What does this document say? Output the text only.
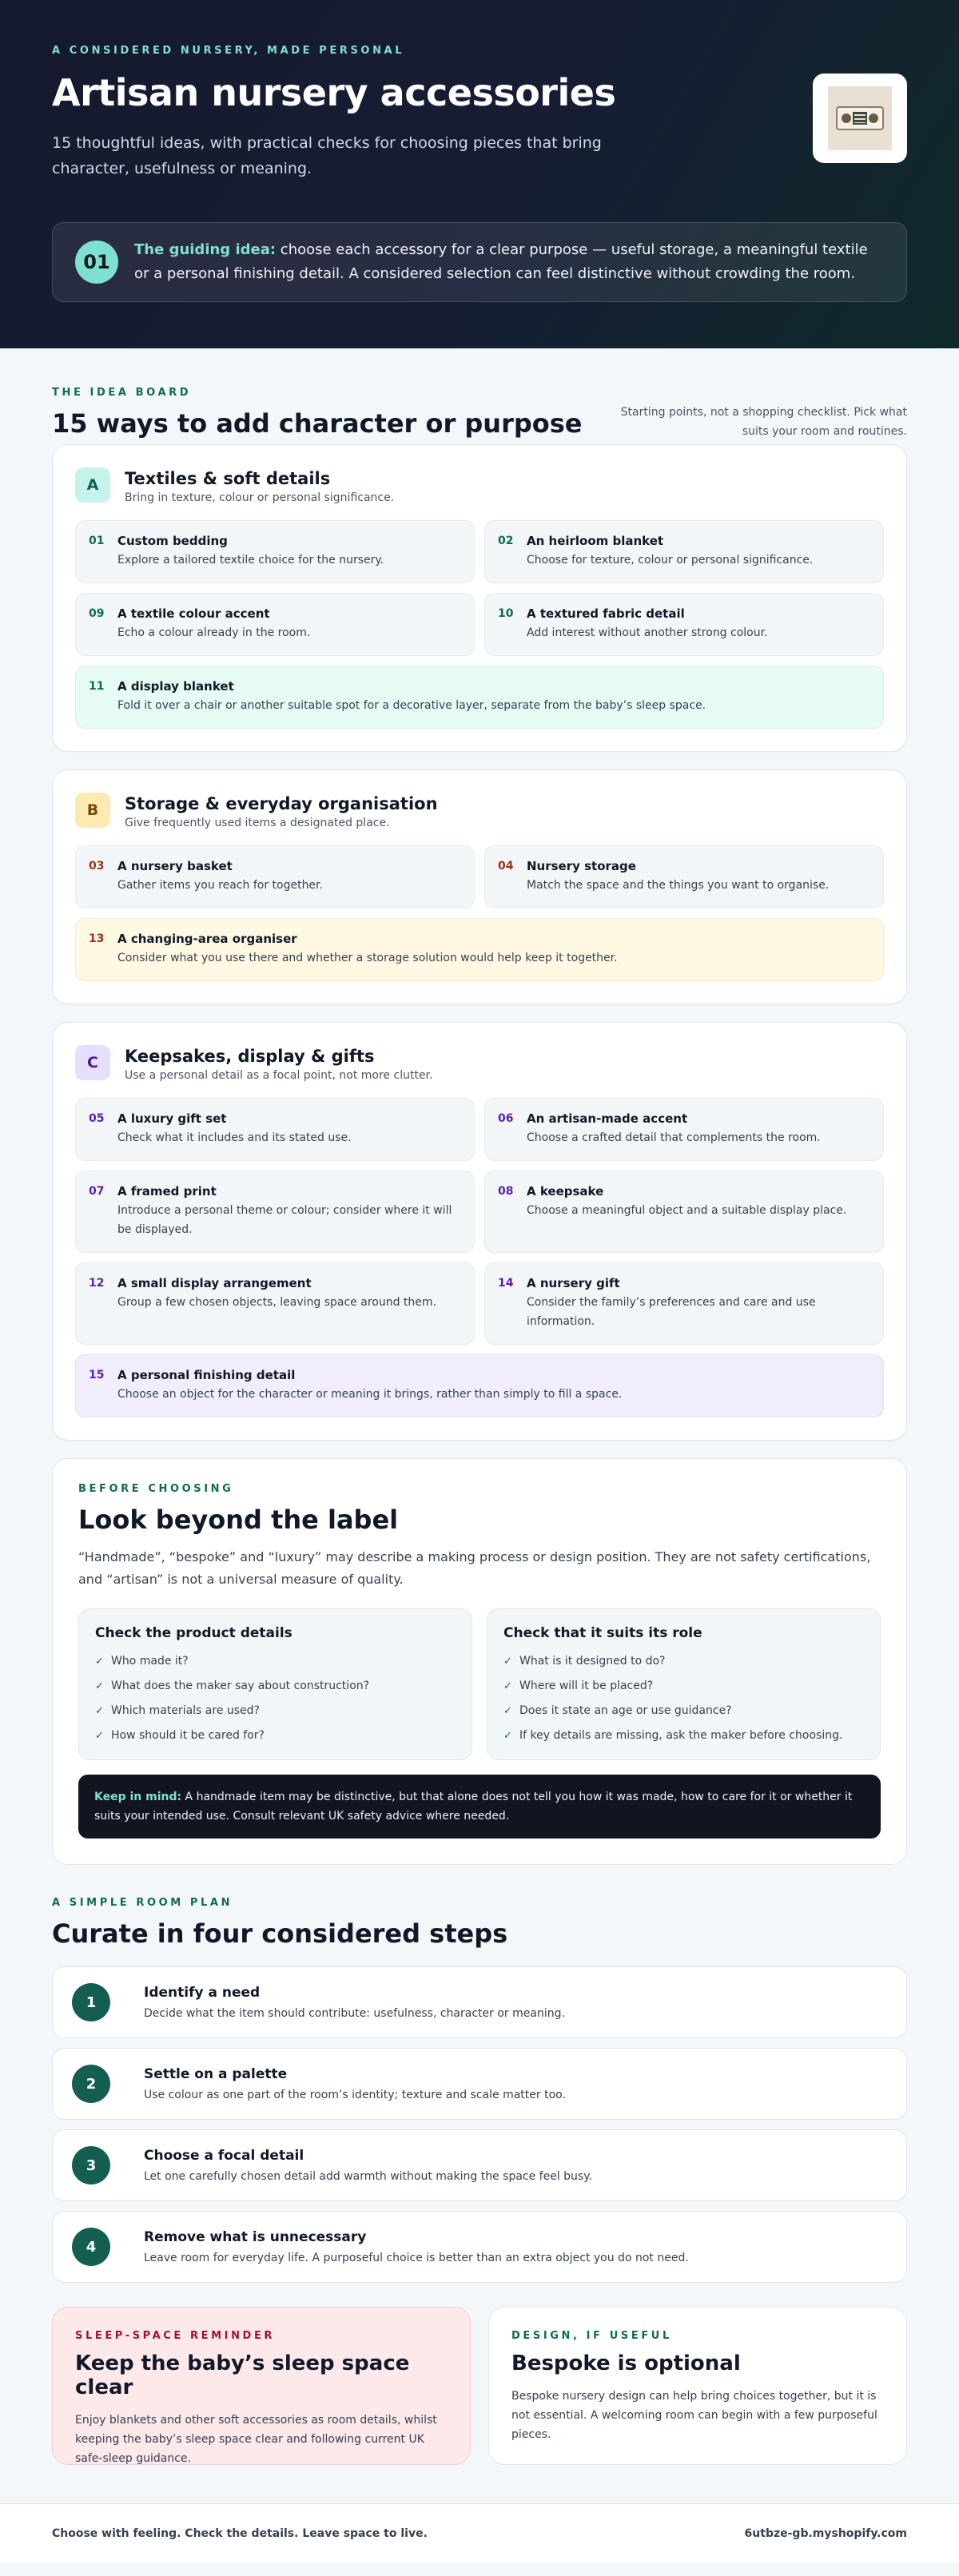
A CONSIDERED NURSERY, MADE PERSONAL
Artisan nursery accessories

15 thoughtful ideas, with practical checks for choosing pieces that bring character, usefulness or meaning.

01

The guiding idea: choose each accessory for a clear purpose — useful storage, a meaningful textile or a personal finishing detail. A considered selection can feel distinctive without crowding the room.

THE IDEA BOARD
15 ways to add character or purpose	Starting points, not a shopping checklist. Pick what suits your room and routines.

A	Textiles & soft details
Bring in texture, colour or personal significance.
01	Custom bedding
Explore a tailored textile choice for the nursery.
02	An heirloom blanket
Choose for texture, colour or personal significance.
09	A textile colour accent
Echo a colour already in the room.
10	A textured fabric detail
Add interest without another strong colour.
11	A display blanket
Fold it over a chair or another suitable spot for a decorative layer, separate from the baby’s sleep space.
B	Storage & everyday organisation
Give frequently used items a designated place.
03	A nursery basket
Gather items you reach for together.
04	Nursery storage
Match the space and the things you want to organise.
13	A changing-area organiser
Consider what you use there and whether a storage solution would help keep it together.
C	Keepsakes, display & gifts
Use a personal detail as a focal point, not more clutter.
05	A luxury gift set
Check what it includes and its stated use.
06	An artisan-made accent
Choose a crafted detail that complements the room.
07	A framed print
Introduce a personal theme or colour; consider where it will be displayed.
08	A keepsake
Choose a meaningful object and a suitable display place.
12	A small display arrangement
Group a few chosen objects, leaving space around them.
14	A nursery gift
Consider the family’s preferences and care and use information.
15	A personal finishing detail
Choose an object for the character or meaning it brings, rather than simply to fill a space.
BEFORE CHOOSING
Look beyond the label

“Handmade”, “bespoke” and “luxury” may describe a making process or design position. They are not safety certifications, and “artisan” is not a universal measure of quality.

Check the product details
✓ Who made it?
✓ What does the maker say about construction?
✓ Which materials are used?
✓ How should it be cared for?
Check that it suits its role
✓ What is it designed to do?
✓ Where will it be placed?
✓ Does it state an age or use guidance?
✓ If key details are missing, ask the maker before choosing.
Keep in mind: A handmade item may be distinctive, but that alone does not tell you how it was made, how to care for it or whether it suits your intended use. Consult relevant UK safety advice where needed.
A SIMPLE ROOM PLAN
Curate in four considered steps
1
Identify a need

Decide what the item should contribute: usefulness, character or meaning.

2
Settle on a palette

Use colour as one part of the room’s identity; texture and scale matter too.

3
Choose a focal detail

Let one carefully chosen detail add warmth without making the space feel busy.

4
Remove what is unnecessary

Leave room for everyday life. A purposeful choice is better than an extra object you do not need.

SLEEP-SPACE REMINDER
Keep the baby’s sleep space clear

Enjoy blankets and other soft accessories as room details, whilst keeping the baby’s sleep space clear and following current UK safe-sleep guidance.

DESIGN, IF USEFUL
Bespoke is optional

Bespoke nursery design can help bring choices together, but it is not essential. A welcoming room can begin with a few purposeful pieces.

Choose with feeling. Check the details. Leave space to live.	6utbze-gb.myshopify.com
